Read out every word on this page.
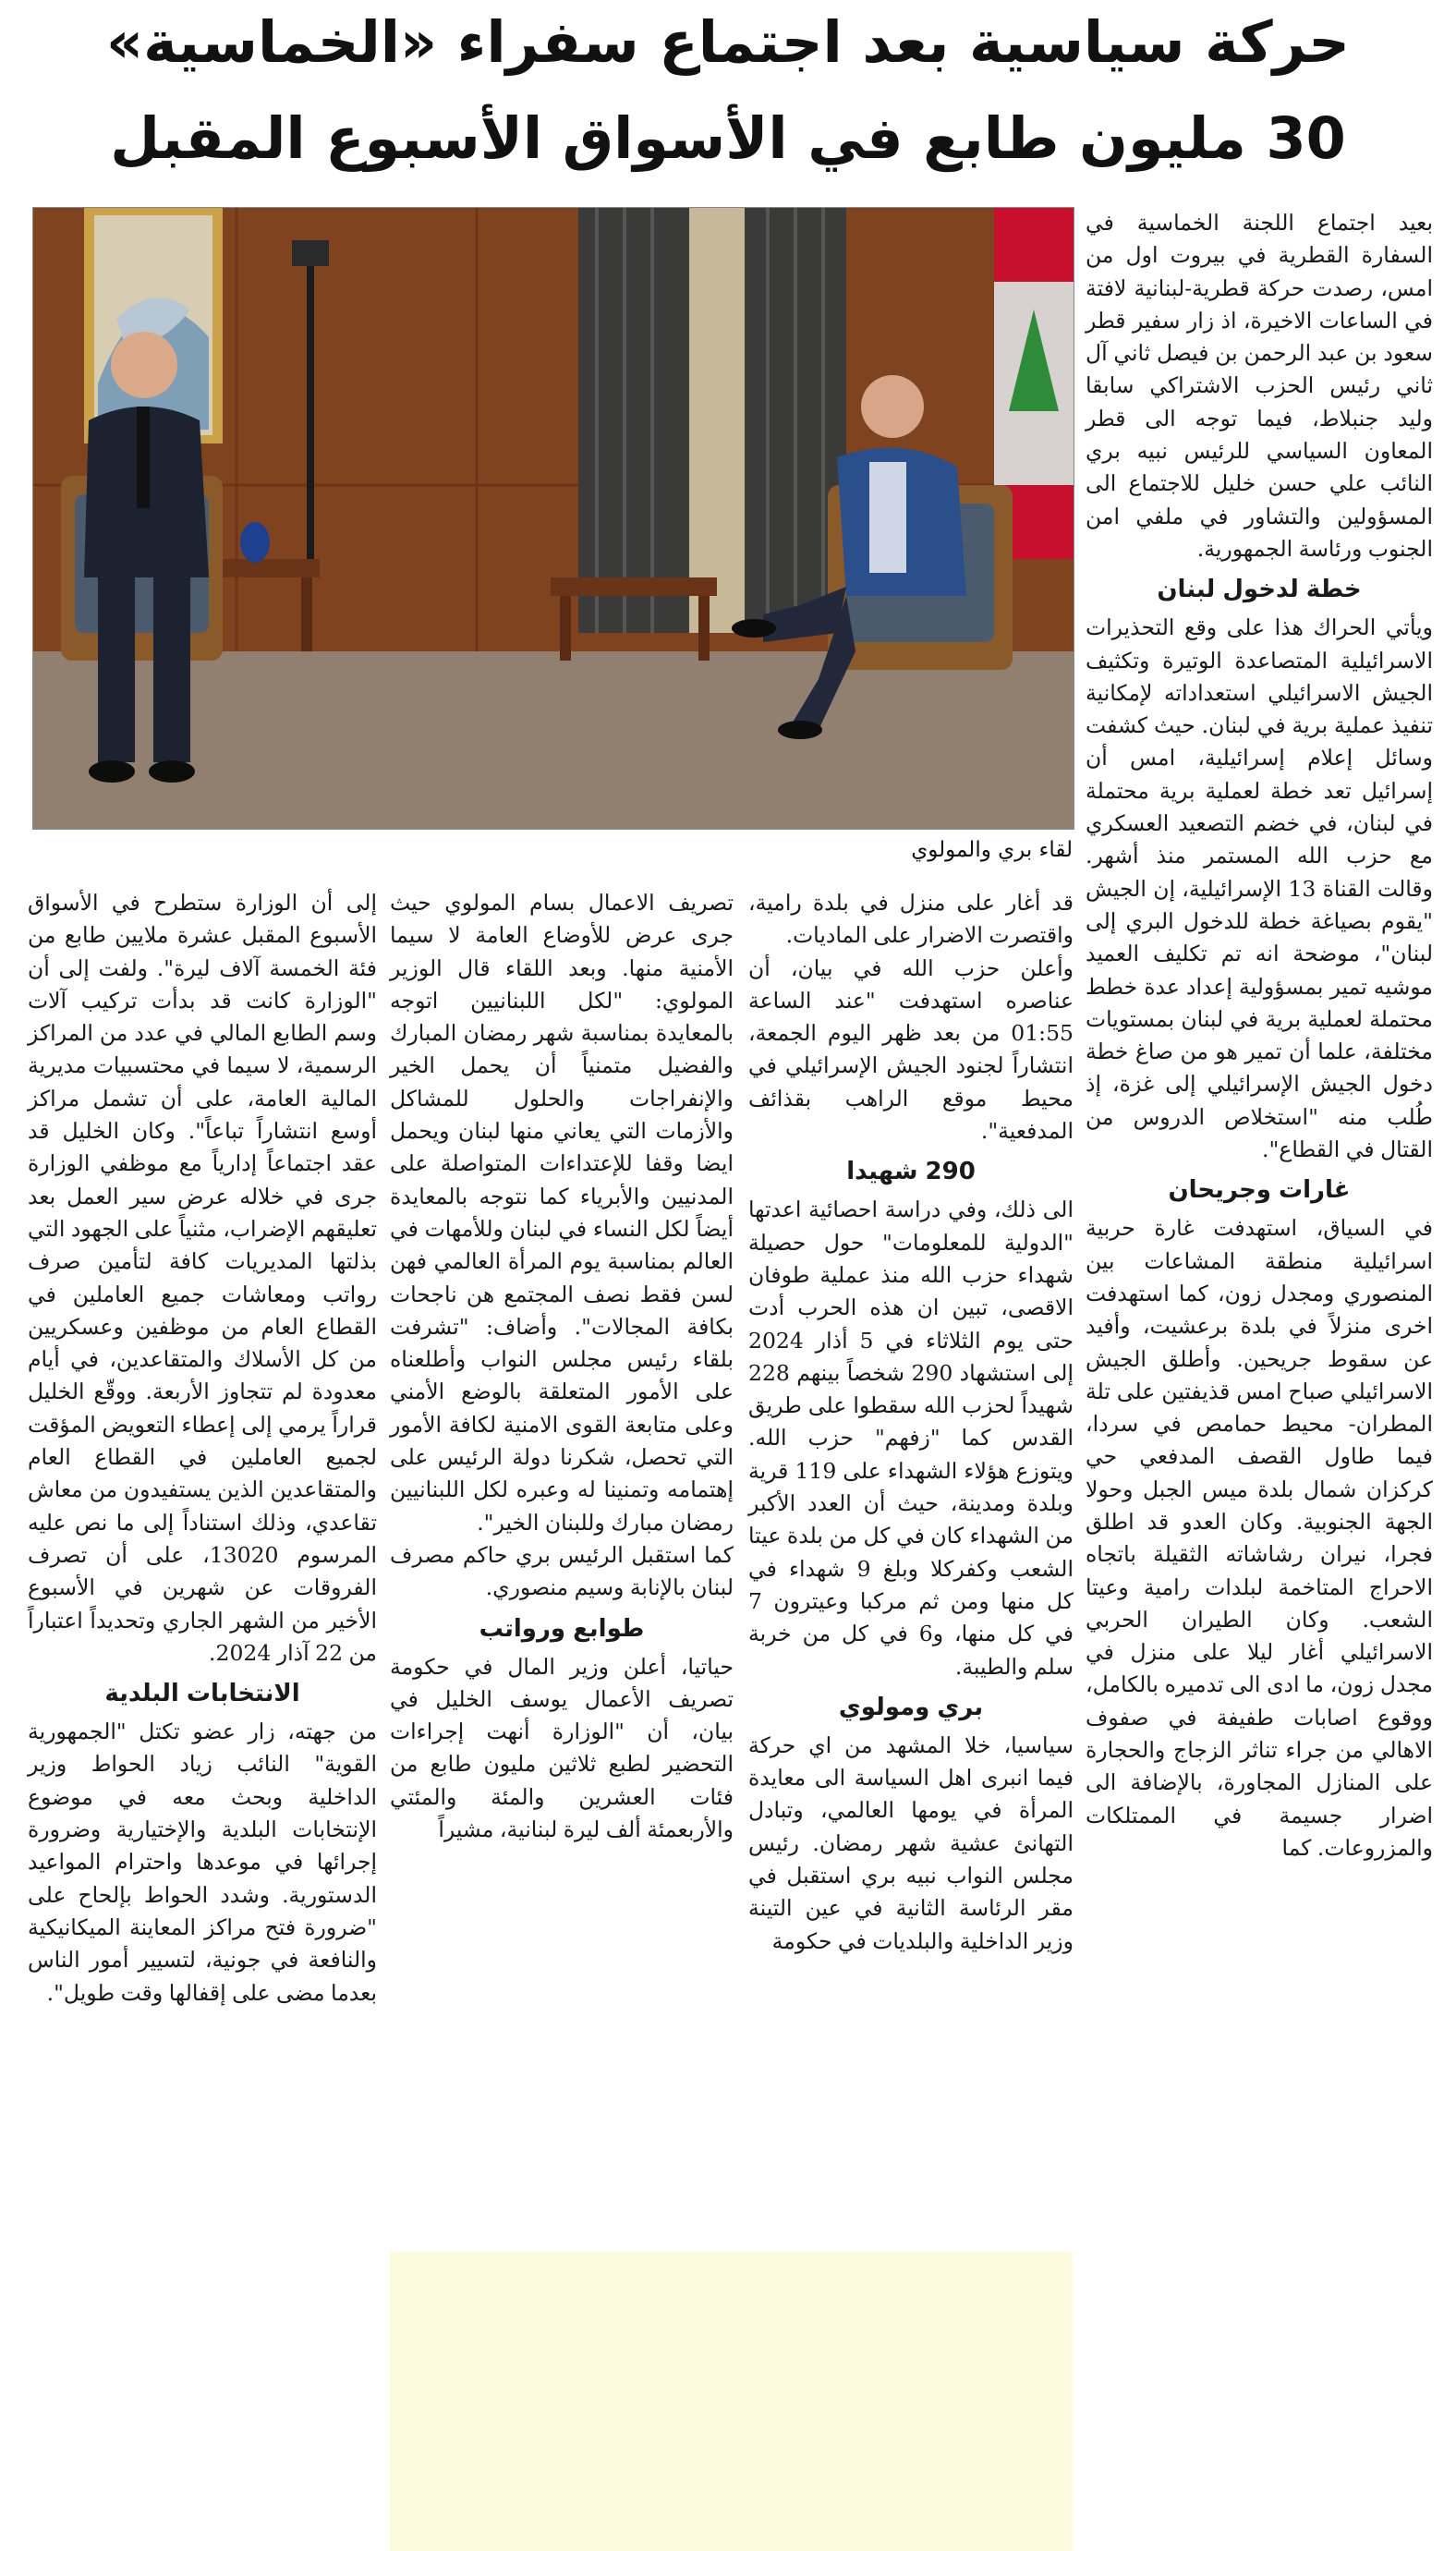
حركة سياسية بعد اجتماع سفراء «الخماسية»
30 مليون طابع في الأسواق الأسبوع المقبل
لقاء بري والمولوي

بعيد اجتماع اللجنة الخماسية في السفارة القطرية في بيروت اول من امس، رصدت حركة قطرية-لبنانية لافتة في الساعات الاخيرة، اذ زار سفير قطر سعود بن عبد الرحمن بن فيصل ثاني آل ثاني رئيس الحزب الاشتراكي سابقا وليد جنبلاط، فيما توجه الى قطر المعاون السياسي للرئيس نبيه بري النائب علي حسن خليل للاجتماع الى المسؤولين والتشاور في ملفي امن الجنوب ورئاسة الجمهورية.

خطة لدخول لبنان

ويأتي الحراك هذا على وقع التحذيرات الاسرائيلية المتصاعدة الوتيرة وتكثيف الجيش الاسرائيلي استعداداته لإمكانية تنفيذ عملية برية في لبنان. حيث كشفت وسائل إعلام إسرائيلية، امس أن إسرائيل تعد خطة لعملية برية محتملة في لبنان، في خضم التصعيد العسكري مع حزب الله المستمر منذ أشهر. وقالت القناة 13 الإسرائيلية، إن الجيش "يقوم بصياغة خطة للدخول البري إلى لبنان"، موضحة انه تم تكليف العميد موشيه تمير بمسؤولية إعداد عدة خطط محتملة لعملية برية في لبنان بمستويات مختلفة، علما أن تمير هو من صاغ خطة دخول الجيش الإسرائيلي إلى غزة، إذ طُلب منه "استخلاص الدروس من القتال في القطاع".

غارات وجريحان

في السياق، استهدفت غارة حربية اسرائيلية منطقة المشاعات بين المنصوري ومجدل زون، كما استهدفت اخرى منزلاً في بلدة برعشيت، وأفيد عن سقوط جريحين. وأطلق الجيش الاسرائيلي صباح امس قذيفتين على تلة المطران- محيط حمامص في سردا، فيما طاول القصف المدفعي حي كركزان شمال بلدة ميس الجبل وحولا الجهة الجنوبية. وكان العدو قد اطلق فجرا، نيران رشاشاته الثقيلة باتجاه الاحراج المتاخمة لبلدات رامية وعيتا الشعب. وكان الطيران الحربي الاسرائيلي أغار ليلا على منزل في مجدل زون، ما ادى الى تدميره بالكامل، ووقوع اصابات طفيفة في صفوف الاهالي من جراء تناثر الزجاج والحجارة على المنازل المجاورة، بالإضافة الى اضرار جسيمة في الممتلكات والمزروعات. كما

قد أغار على منزل في بلدة رامية، واقتصرت الاضرار على الماديات.

وأعلن حزب الله في بيان، أن عناصره استهدفت "عند الساعة 01:55 من بعد ظهر اليوم الجمعة، انتشاراً لجنود الجيش الإسرائيلي في محيط موقع الراهب بقذائف المدفعية".

290 شهيدا

الى ذلك، وفي دراسة احصائية اعدتها "الدولية للمعلومات" حول حصيلة شهداء حزب الله منذ عملية طوفان الاقصى، تبين ان هذه الحرب أدت حتى يوم الثلاثاء في 5 أذار 2024 إلى استشهاد 290 شخصاً بينهم 228 شهيداً لحزب الله سقطوا على طريق القدس كما "زفهم" حزب الله. ويتوزع هؤلاء الشهداء على 119 قرية وبلدة ومدينة، حيث أن العدد الأكبر من الشهداء كان في كل من بلدة عيتا الشعب وكفركلا وبلغ 9 شهداء في كل منها ومن ثم مركبا وعيترون 7 في كل منها، و6 في كل من خربة سلم والطيبة.

بري ومولوي

سياسيا، خلا المشهد من اي حركة فيما انبرى اهل السياسة الى معايدة المرأة في يومها العالمي، وتبادل التهانئ عشية شهر رمضان. رئيس مجلس النواب نبيه بري استقبل في مقر الرئاسة الثانية في عين التينة وزير الداخلية والبلديات في حكومة

تصريف الاعمال بسام المولوي حيث جرى عرض للأوضاع العامة لا سيما الأمنية منها. وبعد اللقاء قال الوزير المولوي: "لكل اللبنانيين اتوجه بالمعايدة بمناسبة شهر رمضان المبارك والفضيل متمنياً أن يحمل الخير والإنفراجات والحلول للمشاكل والأزمات التي يعاني منها لبنان ويحمل ايضا وقفا للإعتداءات المتواصلة على المدنيين والأبرياء كما نتوجه بالمعايدة أيضاً لكل النساء في لبنان وللأمهات في العالم بمناسبة يوم المرأة العالمي فهن لسن فقط نصف المجتمع هن ناجحات بكافة المجالات". وأضاف: "تشرفت بلقاء رئيس مجلس النواب وأطلعناه على الأمور المتعلقة بالوضع الأمني وعلى متابعة القوى الامنية لكافة الأمور التي تحصل، شكرنا دولة الرئيس على إهتمامه وتمنينا له وعبره لكل اللبنانيين رمضان مبارك وللبنان الخير".

كما استقبل الرئيس بري حاكم مصرف لبنان بالإنابة وسيم منصوري.

طوابع ورواتب

حياتيا، أعلن وزير المال في حكومة تصريف الأعمال يوسف الخليل في بيان، أن "الوزارة أنهت إجراءات التحضير لطبع ثلاثين مليون طابع من فئات العشرين والمئة والمئتي والأربعمئة ألف ليرة لبنانية، مشيراً

إلى أن الوزارة ستطرح في الأسواق الأسبوع المقبل عشرة ملايين طابع من فئة الخمسة آلاف ليرة". ولفت إلى أن "الوزارة كانت قد بدأت تركيب آلات وسم الطابع المالي في عدد من المراكز الرسمية، لا سيما في محتسبيات مديرية المالية العامة، على أن تشمل مراكز أوسع انتشاراً تباعاً". وكان الخليل قد عقد اجتماعاً إدارياً مع موظفي الوزارة جرى في خلاله عرض سير العمل بعد تعليقهم الإضراب، مثنياً على الجهود التي بذلتها المديريات كافة لتأمين صرف رواتب ومعاشات جميع العاملين في القطاع العام من موظفين وعسكريين من كل الأسلاك والمتقاعدين، في أيام معدودة لم تتجاوز الأربعة. ووقّع الخليل قراراً يرمي إلى إعطاء التعويض المؤقت لجميع العاملين في القطاع العام والمتقاعدين الذين يستفيدون من معاش تقاعدي، وذلك استناداً إلى ما نص عليه المرسوم 13020، على أن تصرف الفروقات عن شهرين في الأسبوع الأخير من الشهر الجاري وتحديداً اعتباراً من 22 آذار 2024.

الانتخابات البلدية

من جهته، زار عضو تكتل "الجمهورية القوية" النائب زياد الحواط وزير الداخلية وبحث معه في موضوع الإنتخابات البلدية والإختيارية وضرورة إجرائها في موعدها واحترام المواعيد الدستورية. وشدد الحواط بإلحاح على "ضرورة فتح مراكز المعاينة الميكانيكية والنافعة في جونية، لتسيير أمور الناس بعدما مضى على إقفالها وقت طويل".
